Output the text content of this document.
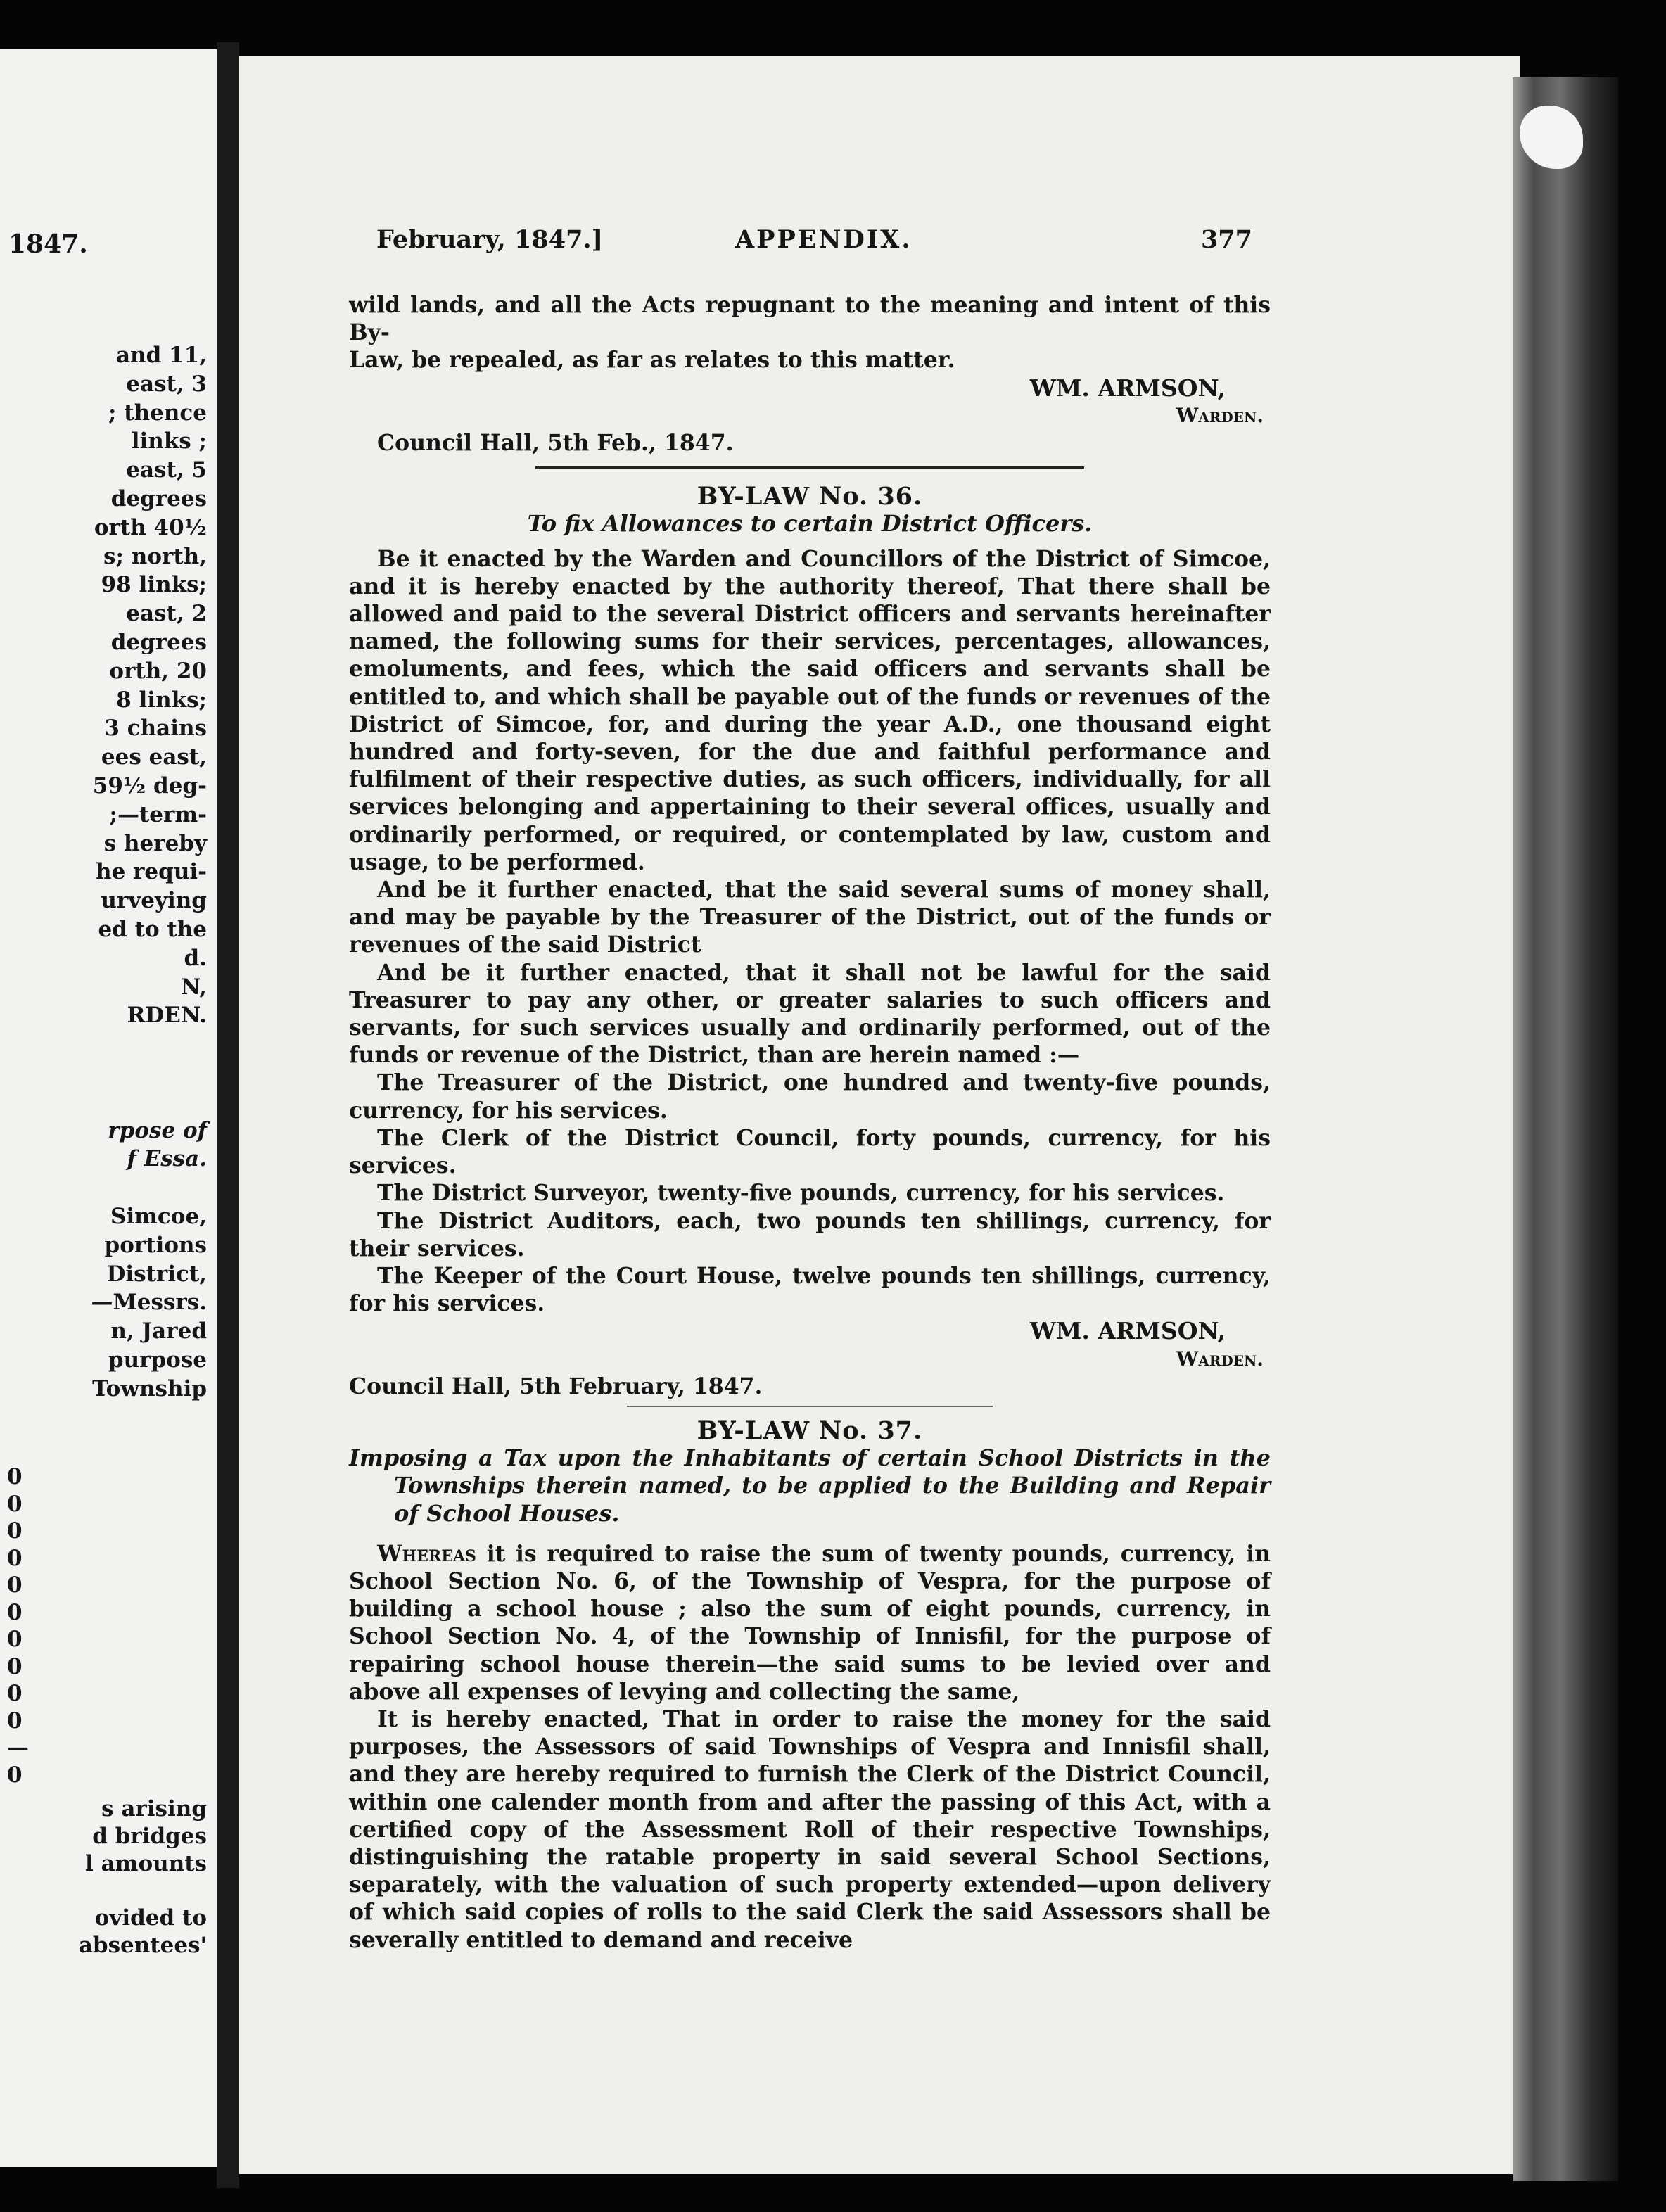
1847.
and 11,
east, 3
; thence
links ;
east, 5
degrees
orth 40½
s; north,
98 links;
east, 2
degrees
orth, 20
8 links;
3 chains
ees east,
59½ deg-
;—term-
s hereby
he requi-
urveying
ed to the
d.
N,
RDEN.
rpose of
f Essa.
Simcoe,
portions
District,
—Messrs.
n, Jared
purpose
Township
0
0
0
0
0
0
0
0
0
0
—
0
s arising
d bridges
l amounts
ovided to
absentees'
February, 1847.]	APPENDIX.	377
wild lands, and all the Acts repugnant to the meaning and intent of this By-
Law, be repealed, as far as relates to this matter.
WM. ARMSON,
Warden.
Council Hall, 5th Feb., 1847.
BY-LAW No. 36.
To fix Allowances to certain District Officers.
Be it enacted by the Warden and Councillors of the District of Simcoe, and it is hereby enacted by the authority thereof, That there shall be allowed and paid to the several District officers and servants hereinafter named, the following sums for their services, percentages, allowances, emoluments, and fees, which the said officers and servants shall be entitled to, and which shall be payable out of the funds or revenues of the District of Simcoe, for, and during the year A.D., one thousand eight hundred and forty-seven, for the due and faithful performance and fulfilment of their respective duties, as such officers, individually, for all services belonging and appertaining to their several offices, usually and ordinarily performed, or required, or contemplated by law, custom and usage, to be performed.
And be it further enacted, that the said several sums of money shall, and may be payable by the Treasurer of the District, out of the funds or revenues of the said District
And be it further enacted, that it shall not be lawful for the said Treasurer to pay any other, or greater salaries to such officers and servants, for such services usually and ordinarily performed, out of the funds or revenue of the District, than are herein named :—
The Treasurer of the District, one hundred and twenty-five pounds, currency, for his services.
The Clerk of the District Council, forty pounds, currency, for his services.
The District Surveyor, twenty-five pounds, currency, for his services.
The District Auditors, each, two pounds ten shillings, currency, for their services.
The Keeper of the Court House, twelve pounds ten shillings, currency, for his services.
WM. ARMSON,
Warden.
Council Hall, 5th February, 1847.
BY-LAW No. 37.
Imposing a Tax upon the Inhabitants of certain School Districts in the Townships therein named, to be applied to the Building and Repair of School Houses.
Whereas it is required to raise the sum of twenty pounds, currency, in School Section No. 6, of the Township of Vespra, for the purpose of building a school house ; also the sum of eight pounds, currency, in School Section No. 4, of the Township of Innisfil, for the purpose of repairing school house therein—the said sums to be levied over and above all expenses of levying and collecting the same,
It is hereby enacted, That in order to raise the money for the said purposes, the Assessors of said Townships of Vespra and Innisfil shall, and they are hereby required to furnish the Clerk of the District Council, within one calender month from and after the passing of this Act, with a certified copy of the Assessment Roll of their respective Townships, distinguishing the ratable property in said several School Sections, separately, with the valuation of such property extended—upon delivery of which said copies of rolls to the said Clerk the said Assessors shall be severally entitled to demand and receive
